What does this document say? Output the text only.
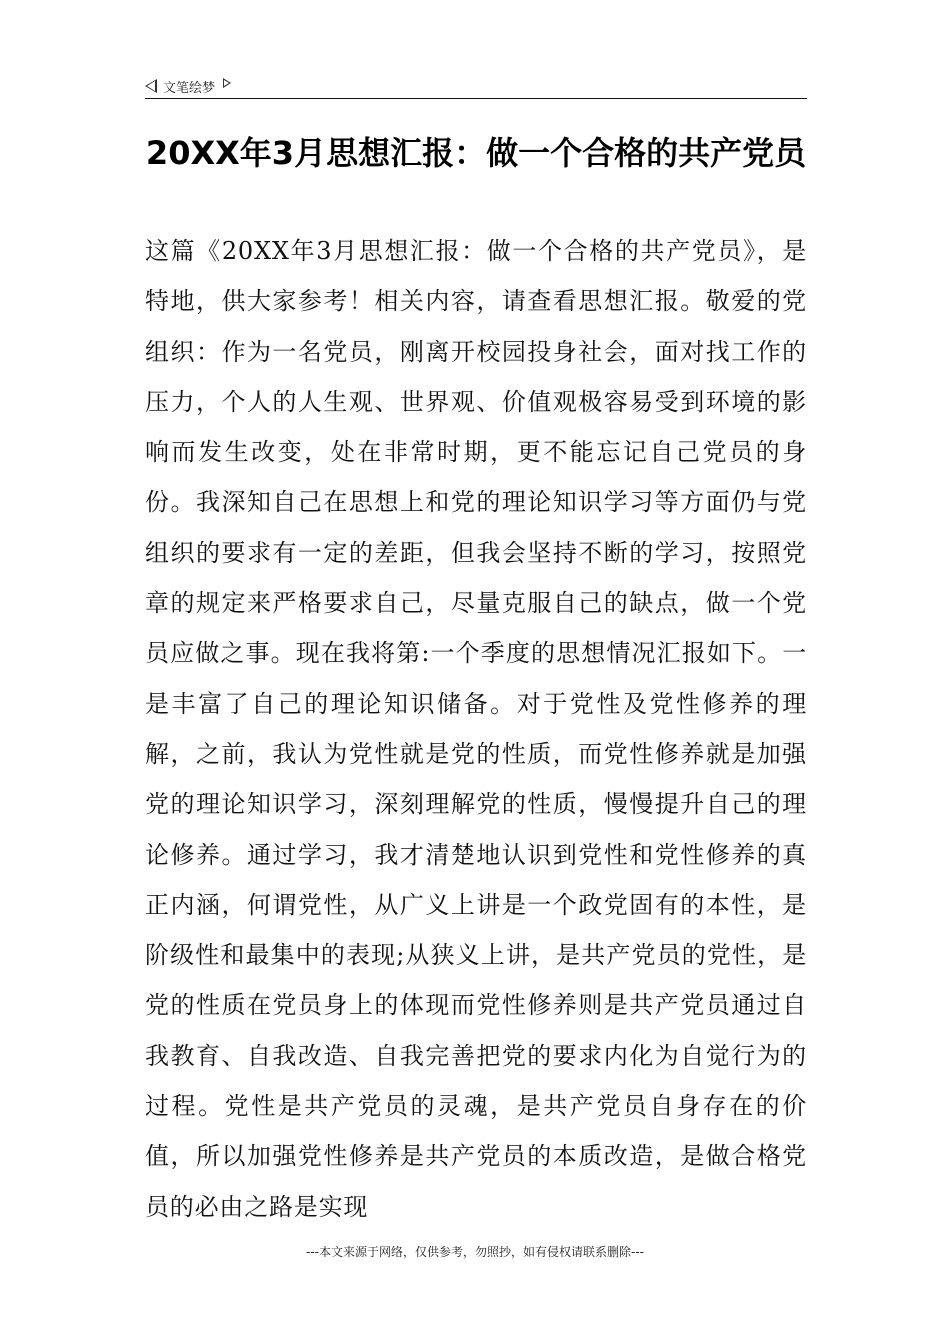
文笔绘梦
20XX年3月思想汇报：做一个合格的共产党员

这篇《20XX年3月思想汇报：做一个合格的共产党员》，是特地，供大家参考！相关内容，请查看思想汇报。敬爱的党组织：作为一名党员，刚离开校园投身社会，面对找工作的压力，个人的人生观、世界观、价值观极容易受到环境的影响而发生改变，处在非常时期，更不能忘记自己党员的身份。我深知自己在思想上和党的理论知识学习等方面仍与党组织的要求有一定的差距，但我会坚持不断的学习，按照党章的规定来严格要求自己，尽量克服自己的缺点，做一个党员应做之事。现在我将第:一个季度的思想情况汇报如下。一是丰富了自己的理论知识储备。对于党性及党性修养的理解，之前，我认为党性就是党的性质，而党性修养就是加强党的理论知识学习，深刻理解党的性质，慢慢提升自己的理论修养。通过学习，我才清楚地认识到党性和党性修养的真正内涵，何谓党性，从广义上讲是一个政党固有的本性，是阶级性和最集中的表现;从狭义上讲，是共产党员的党性，是党的性质在党员身上的体现而党性修养则是共产党员通过自我教育、自我改造、自我完善把党的要求内化为自觉行为的过程。党性是共产党员的灵魂，是共产党员自身存在的价值，所以加强党性修养是共产党员的本质改造，是做合格党员的必由之路是实现

---本文来源于网络，仅供参考，勿照抄，如有侵权请联系删除---
